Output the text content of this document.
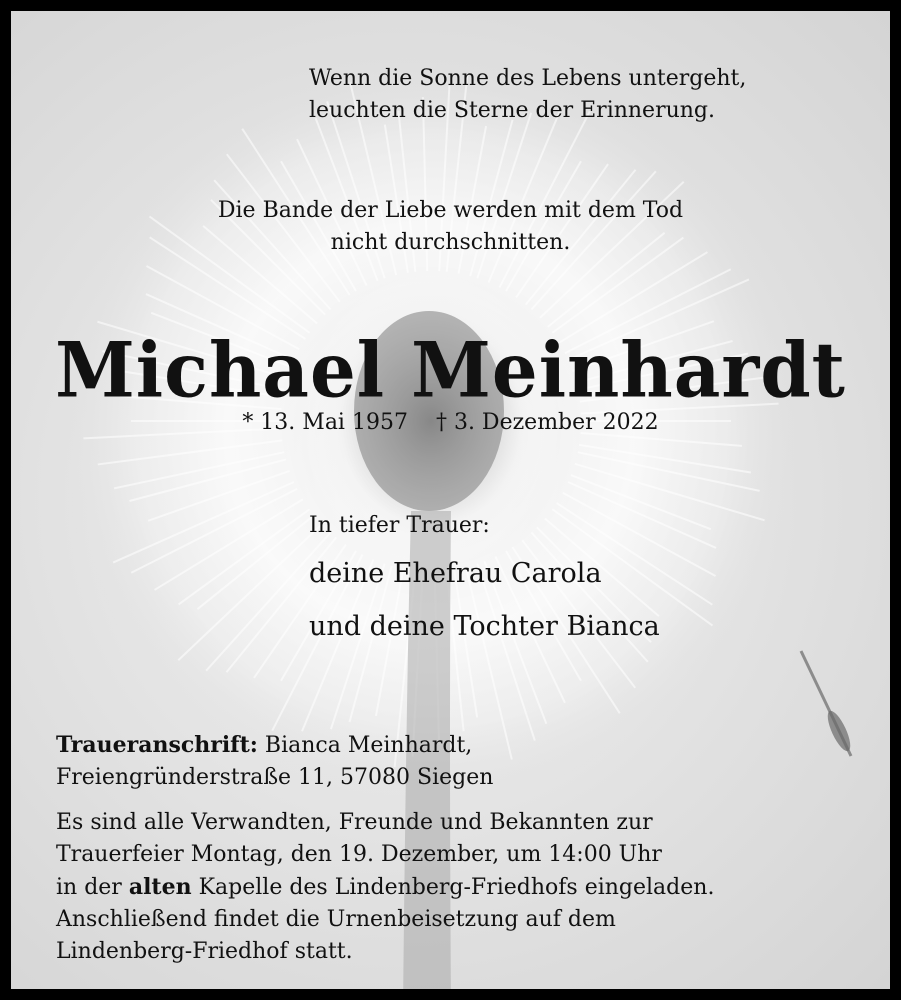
Wenn die Sonne des Lebens untergeht,
leuchten die Sterne der Erinnerung.

Die Bande der Liebe werden mit dem Tod
nicht durchschnitten.

Michael Meinhardt

* 13. Mai 1957 † 3. Dezember 2022

In tiefer Trauer:

deine Ehefrau Carola

und deine Tochter Bianca

Traueranschrift: Bianca Meinhardt,
Freiengründerstraße 11, 57080 Siegen

Es sind alle Verwandten, Freunde und Bekannten zur
Trauerfeier Montag, den 19. Dezember, um 14:00 Uhr
in der alten Kapelle des Lindenberg-Friedhofs eingeladen.
Anschließend findet die Urnenbeisetzung auf dem
Lindenberg-Friedhof statt.
